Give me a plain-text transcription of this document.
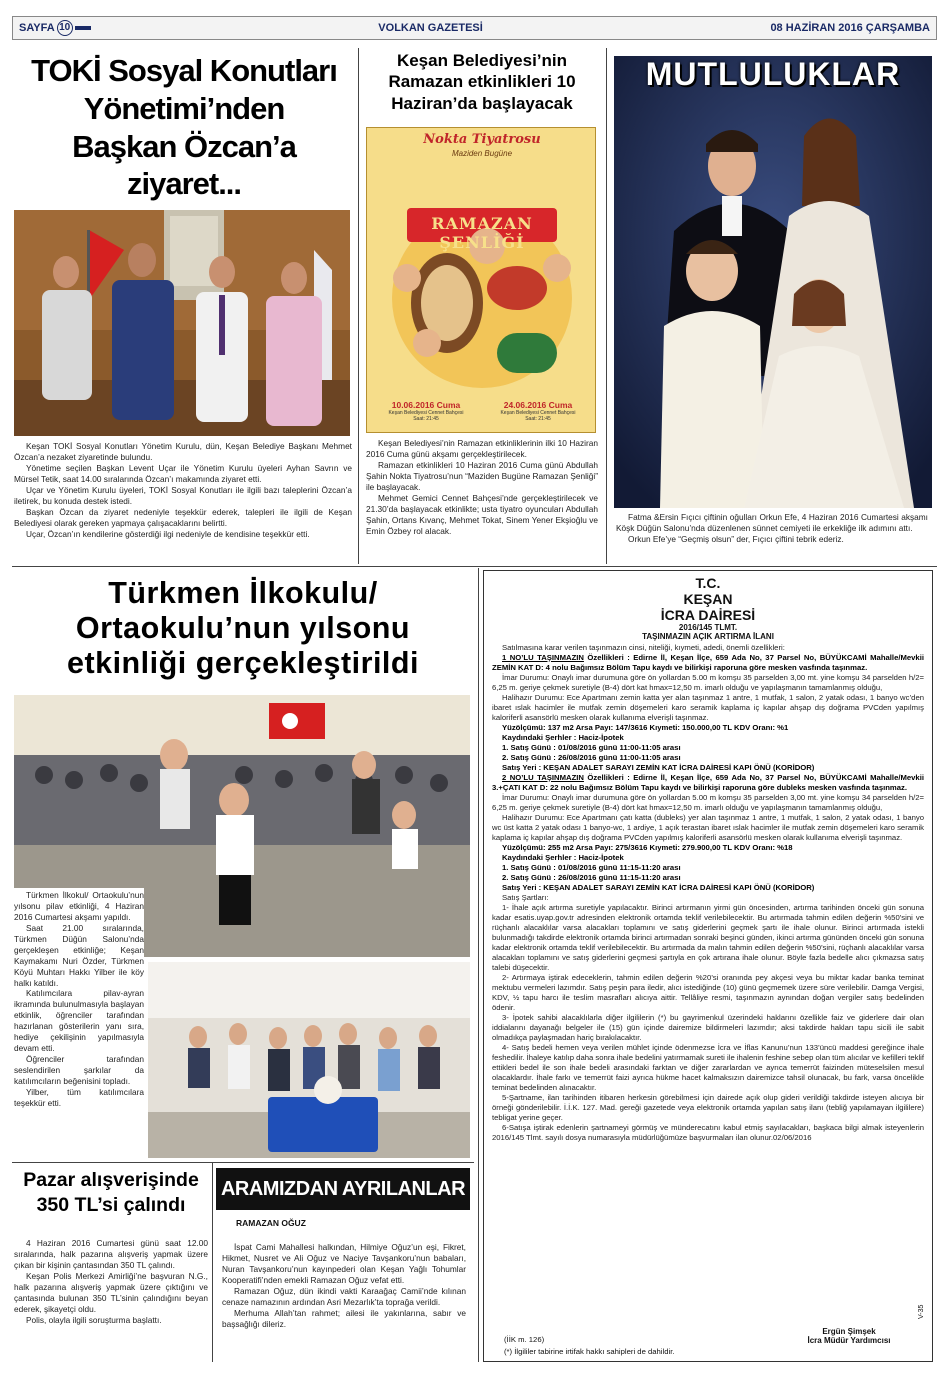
SAYFA 10	VOLKAN GAZETESİ	08 HAZİRAN 2016 ÇARŞAMBA
TOKİ Sosyal Konutları
Yönetimi’nden
Başkan Özcan’a ziyaret...

Keşan TOKİ Sosyal Konutları Yönetim Kurulu, dün, Keşan Belediye Başkanı Mehmet Özcan’a nezaket ziyaretinde bulundu.

Yönetime seçilen Başkan Levent Uçar ile Yönetim Kurulu üyeleri Ayhan Savrın ve Mürsel Tetik, saat 14.00 sıralarında Özcan’ı makamında ziyaret etti.

Uçar ve Yönetim Kurulu üyeleri, TOKİ Sosyal Konutları ile ilgili bazı taleplerini Özcan’a iletirek, bu konuda destek istedi.

Başkan Özcan da ziyaret nedeniyle teşekkür ederek, talepleri ile ilgili de Keşan Belediyesi olarak gereken yapmaya çalışacaklarını belirtti.

Uçar, Özcan’ın kendilerine gösterdiği ilgi nedeniyle de kendisine teşekkür etti.

Keşan Belediyesi’nin
Ramazan etkinlikleri 10
Haziran’da başlayacak
Nokta Tiyatrosu
Maziden Bugüne
RAMAZAN ŞENLİĞİ
10.06.2016 Cuma
Keşan Belediyesi Cennet Bahçesi
Saat: 21:45
24.06.2016 Cuma
Keşan Belediyesi Cennet Bahçesi
Saat: 21:45

Keşan Belediyesi’nin Ramazan etkinliklerinin ilki 10 Haziran 2016 Cuma günü akşamı gerçekleştirilecek.

Ramazan etkinlikleri 10 Haziran 2016 Cuma günü Abdullah Şahin Nokta Tiyatrosu’nun “Maziden Bugüne Ramazan Şenliği” ile başlayacak.

Mehmet Gemici Cennet Bahçesi’nde gerçekleştirilecek ve 21.30’da başlayacak etkinlikte; usta tiyatro oyuncuları Abdullah Şahin, Ortans Kıvanç, Mehmet Tokat, Sinem Yener Ekşioğlu ve Emin Özbey rol alacak.

MUTLULUKLAR

Fatma &Ersin Fıçıcı çiftinin oğulları Orkun Efe, 4 Haziran 2016 Cumartesi akşamı Köşk Düğün Salonu’nda düzenlenen sünnet cemiyeti ile erkekliğe ilk adımını attı.

Orkun Efe’ye “Geçmiş olsun” der, Fıçıcı çiftini tebrik ederiz.

Türkmen İlkokulu/
Ortaokulu’nun yılsonu
etkinliği gerçekleştirildi

Türkmen İlkokul/ Ortaokulu’nun yılsonu pilav etkinliği, 4 Haziran 2016 Cumartesi akşamı yapıldı.

Saat 21.00 sıralarında, Türkmen Düğün Salonu’nda gerçekleşen etkinliğe; Keşan Kaymakamı Nuri Özder, Türkmen Köyü Muhtarı Hakkı Yilber ile köy halkı katıldı.

Katılımcılara pilav-ayran ikramında bulunulmasıyla başlayan etkinlik, öğrenciler tarafından hazırlanan gösterilerin yanı sıra, hediye çekilişinin yapılmasıyla devam etti.

Öğrenciler tarafından seslendirilen şarkılar da katılımcıların beğenisini topladı.

Yilber, tüm katılımcılara teşekkür etti.

Pazar alışverişinde
350 TL’si çalındı

4 Haziran 2016 Cumartesi günü saat 12.00 sıralarında, halk pazarına alışveriş yapmak üzere çıkan bir kişinin çantasından 350 TL çalındı.

Keşan Polis Merkezi Amirliği’ne başvuran N.G., halk pazarına alışveriş yapmak üzere çıktığını ve çantasında bulunan 350 TL’sinin çalındığını beyan ederek, şikayetçi oldu.

Polis, olayla ilgili soruşturma başlattı.

ARAMIZDAN AYRILANLAR
RAMAZAN OĞUZ

İspat Cami Mahallesi halkından, Hilmiye Oğuz’un eşi, Fikret, Hikmet, Nusret ve Ali Oğuz ve Naciye Tavşankoru’nun babaları, Nuran Tavşankoru’nun kayınpederi olan Keşan Yağlı Tohumlar Kooperatifi’nden emekli Ramazan Oğuz vefat etti.

Ramazan Oğuz, dün ikindi vakti Karaağaç Camii’nde kılınan cenaze namazının ardından Asri Mezarlık’ta toprağa verildi.

Merhuma Allah’tan rahmet; ailesi ile yakınlarına, sabır ve başsağlığı dileriz.

T.C.
KEŞAN
İCRA DAİRESİ
2016/145 TLMT.
TAŞINMAZIN AÇIK ARTIRMA İLANI

Satılmasına karar verilen taşınmazın cinsi, niteliği, kıymeti, adedi, önemli özellikleri:

1 NO’LU TAŞINMAZIN Özellikleri : Edirne İl, Keşan İlçe, 659 Ada No, 37 Parsel No, BÜYÜKCAMİ Mahalle/Mevkii ZEMİN KAT D: 4 nolu Bağımsız Bölüm Tapu kaydı ve bilirkişi raporuna göre mesken vasfında taşınmaz.

İmar Durumu: Onaylı imar durumuna göre ön yollardan 5.00 m komşu 35 parselden 3,00 mt. yine komşu 34 parselden h/2= 6,25 m. geriye çekmek suretiyle (B-4) dört kat hmax=12,50 m. imarlı olduğu ve yapılaşmanın tamamlanmış olduğu,

Halihazır Durumu: Ece Apartmanı zemin katta yer alan taşınmaz 1 antre, 1 mutfak, 1 salon, 2 yatak odası, 1 banyo wc’den ibaret ıslak hacimler ile mutfak zemin döşemeleri karo seramik kaplama iç kapılar ahşap dış doğrama PVCden yapılmış kaloriferli asansörlü mesken olarak kullanıma elverişli taşınmaz.

Yüzölçümü: 137 m2 Arsa Payı: 147/3616 Kıymeti: 150.000,00 TL KDV Oranı: %1

Kaydındaki Şerhler : Haciz-İpotek

1. Satış Günü : 01/08/2016 günü 11:00-11:05 arası

2. Satış Günü : 26/08/2016 günü 11:00-11:05 arası

Satış Yeri : KEŞAN ADALET SARAYI ZEMİN KAT İCRA DAİRESİ KAPI ÖNÜ (KORİDOR)

2 NO’LU TAŞINMAZIN Özellikleri : Edirne İl, Keşan İlçe, 659 Ada No, 37 Parsel No, BÜYÜKCAMİ Mahalle/Mevkii 3.+ÇATI KAT D: 22 nolu Bağımsız Bölüm Tapu kaydı ve bilirkişi raporuna göre dubleks mesken vasfında taşınmaz.

İmar Durumu: Onaylı imar durumuna göre ön yollardan 5.00 m komşu 35 parselden 3,00 mt. yine komşu 34 parselden h/2= 6,25 m. geriye çekmek suretiyle (B-4) dört kat hmax=12,50 m. imarlı olduğu ve yapılaşmanın tamamlanmış olduğu,

Halihazır Durumu: Ece Apartmanı çatı katta (dubleks) yer alan taşınmaz 1 antre, 1 mutfak, 1 salon, 2 yatak odası, 1 banyo wc üst katta 2 yatak odası 1 banyo-wc, 1 ardiye, 1 açık terastan ibaret ıslak hacimler ile mutfak zemin döşemeleri karo seramik kaplama iç kapılar ahşap dış doğrama PVCden yapılmış kaloriferli asansörlü mesken olarak kullanıma elverişli taşınmaz.

Yüzölçümü: 255 m2 Arsa Payı: 275/3616 Kıymeti: 279.900,00 TL KDV Oranı: %18

Kaydındaki Şerhler : Haciz-İpotek

1. Satış Günü : 01/08/2016 günü 11:15-11:20 arası

2. Satış Günü : 26/08/2016 günü 11:15-11:20 arası

Satış Yeri : KEŞAN ADALET SARAYI ZEMİN KAT İCRA DAİRESİ KAPI ÖNÜ (KORİDOR)

Satış Şartları:

1- İhale açık artırma suretiyle yapılacaktır. Birinci artırmanın yirmi gün öncesinden, artırma tarihinden önceki gün sonuna kadar esatis.uyap.gov.tr adresinden elektronik ortamda teklif verilebilecektir. Bu artırmada tahmin edilen değerin %50’sini ve rüçhanlı alacaklılar varsa alacakları toplamını ve satış giderlerini geçmek şartı ile ihale olunur. Birinci artırmada istekli bulunmadığı takdirde elektronik ortamda birinci artırmadan sonraki beşinci günden, ikinci artırma gününden önceki gün sonuna kadar elektronik ortamda teklif verilebilecektir. Bu artırmada da malın tahmin edilen değerin %50’sini, rüçhanlı alacaklılar varsa alacakları toplamını ve satış giderlerini geçmesi şartıyla en çok artırana ihale olunur. Böyle fazla bedelle alıcı çıkmazsa satış talebi düşecektir.

2- Artırmaya iştirak edeceklerin, tahmin edilen değerin %20’si oranında pey akçesi veya bu miktar kadar banka teminat mektubu vermeleri lazımdır. Satış peşin para iledir, alıcı istediğinde (10) günü geçmemek üzere süre verilebilir. Damga Vergisi, KDV, ½ tapu harcı ile teslim masrafları alıcıya aittir. Tellâliye resmi, taşınmazın aynından doğan vergiler satış bedelinden ödenir.

3- İpotek sahibi alacaklılarla diğer ilgililerin (*) bu gayrimenkul üzerindeki haklarını özellikle faiz ve giderlere dair olan iddialarını dayanağı belgeler ile (15) gün içinde dairemize bildirmeleri lazımdır; aksi takdirde hakları tapu sicili ile sabit olmadıkça paylaşmadan hariç bırakılacaktır.

4- Satış bedeli hemen veya verilen mühlet içinde ödenmezse İcra ve İflas Kanunu’nun 133’üncü maddesi gereğince ihale feshedilir. İhaleye katılıp daha sonra ihale bedelini yatırmamak sureti ile ihalenin feshine sebep olan tüm alıcılar ve kefilleri teklif ettikleri bedel ile son ihale bedeli arasındaki farktan ve diğer zararlardan ve ayrıca temerrüt faizinden müteselsilen mesul olacaklardır. İhale farkı ve temerrüt faizi ayrıca hükme hacet kalmaksızın dairemizce tahsil olunacak, bu fark, varsa öncelikle teminat bedelinden alınacaktır.

5-Şartname, ilan tarihinden itibaren herkesin görebilmesi için dairede açık olup gideri verildiği takdirde isteyen alıcıya bir örneği gönderilebilir. İ.İ.K. 127. Mad. gereği gazetede veya elektronik ortamda yapılan satış ilanı (tebliğ yapılamayan ilgililere) tebligat yerine geçer.

6-Satışa iştirak edenlerin şartnameyi görmüş ve münderecatını kabul etmiş sayılacakları, başkaca bilgi almak isteyenlerin 2016/145 Tlmt. sayılı dosya numarasıyla müdürlüğümüze başvurmaları ilan olunur.02/06/2016

(İİK m. 126)
(*) İlgililer tabirine irtifak hakkı sahipleri de dahildir.
Ergün Şimşek
İcra Müdür Yardımcısı
V-35
